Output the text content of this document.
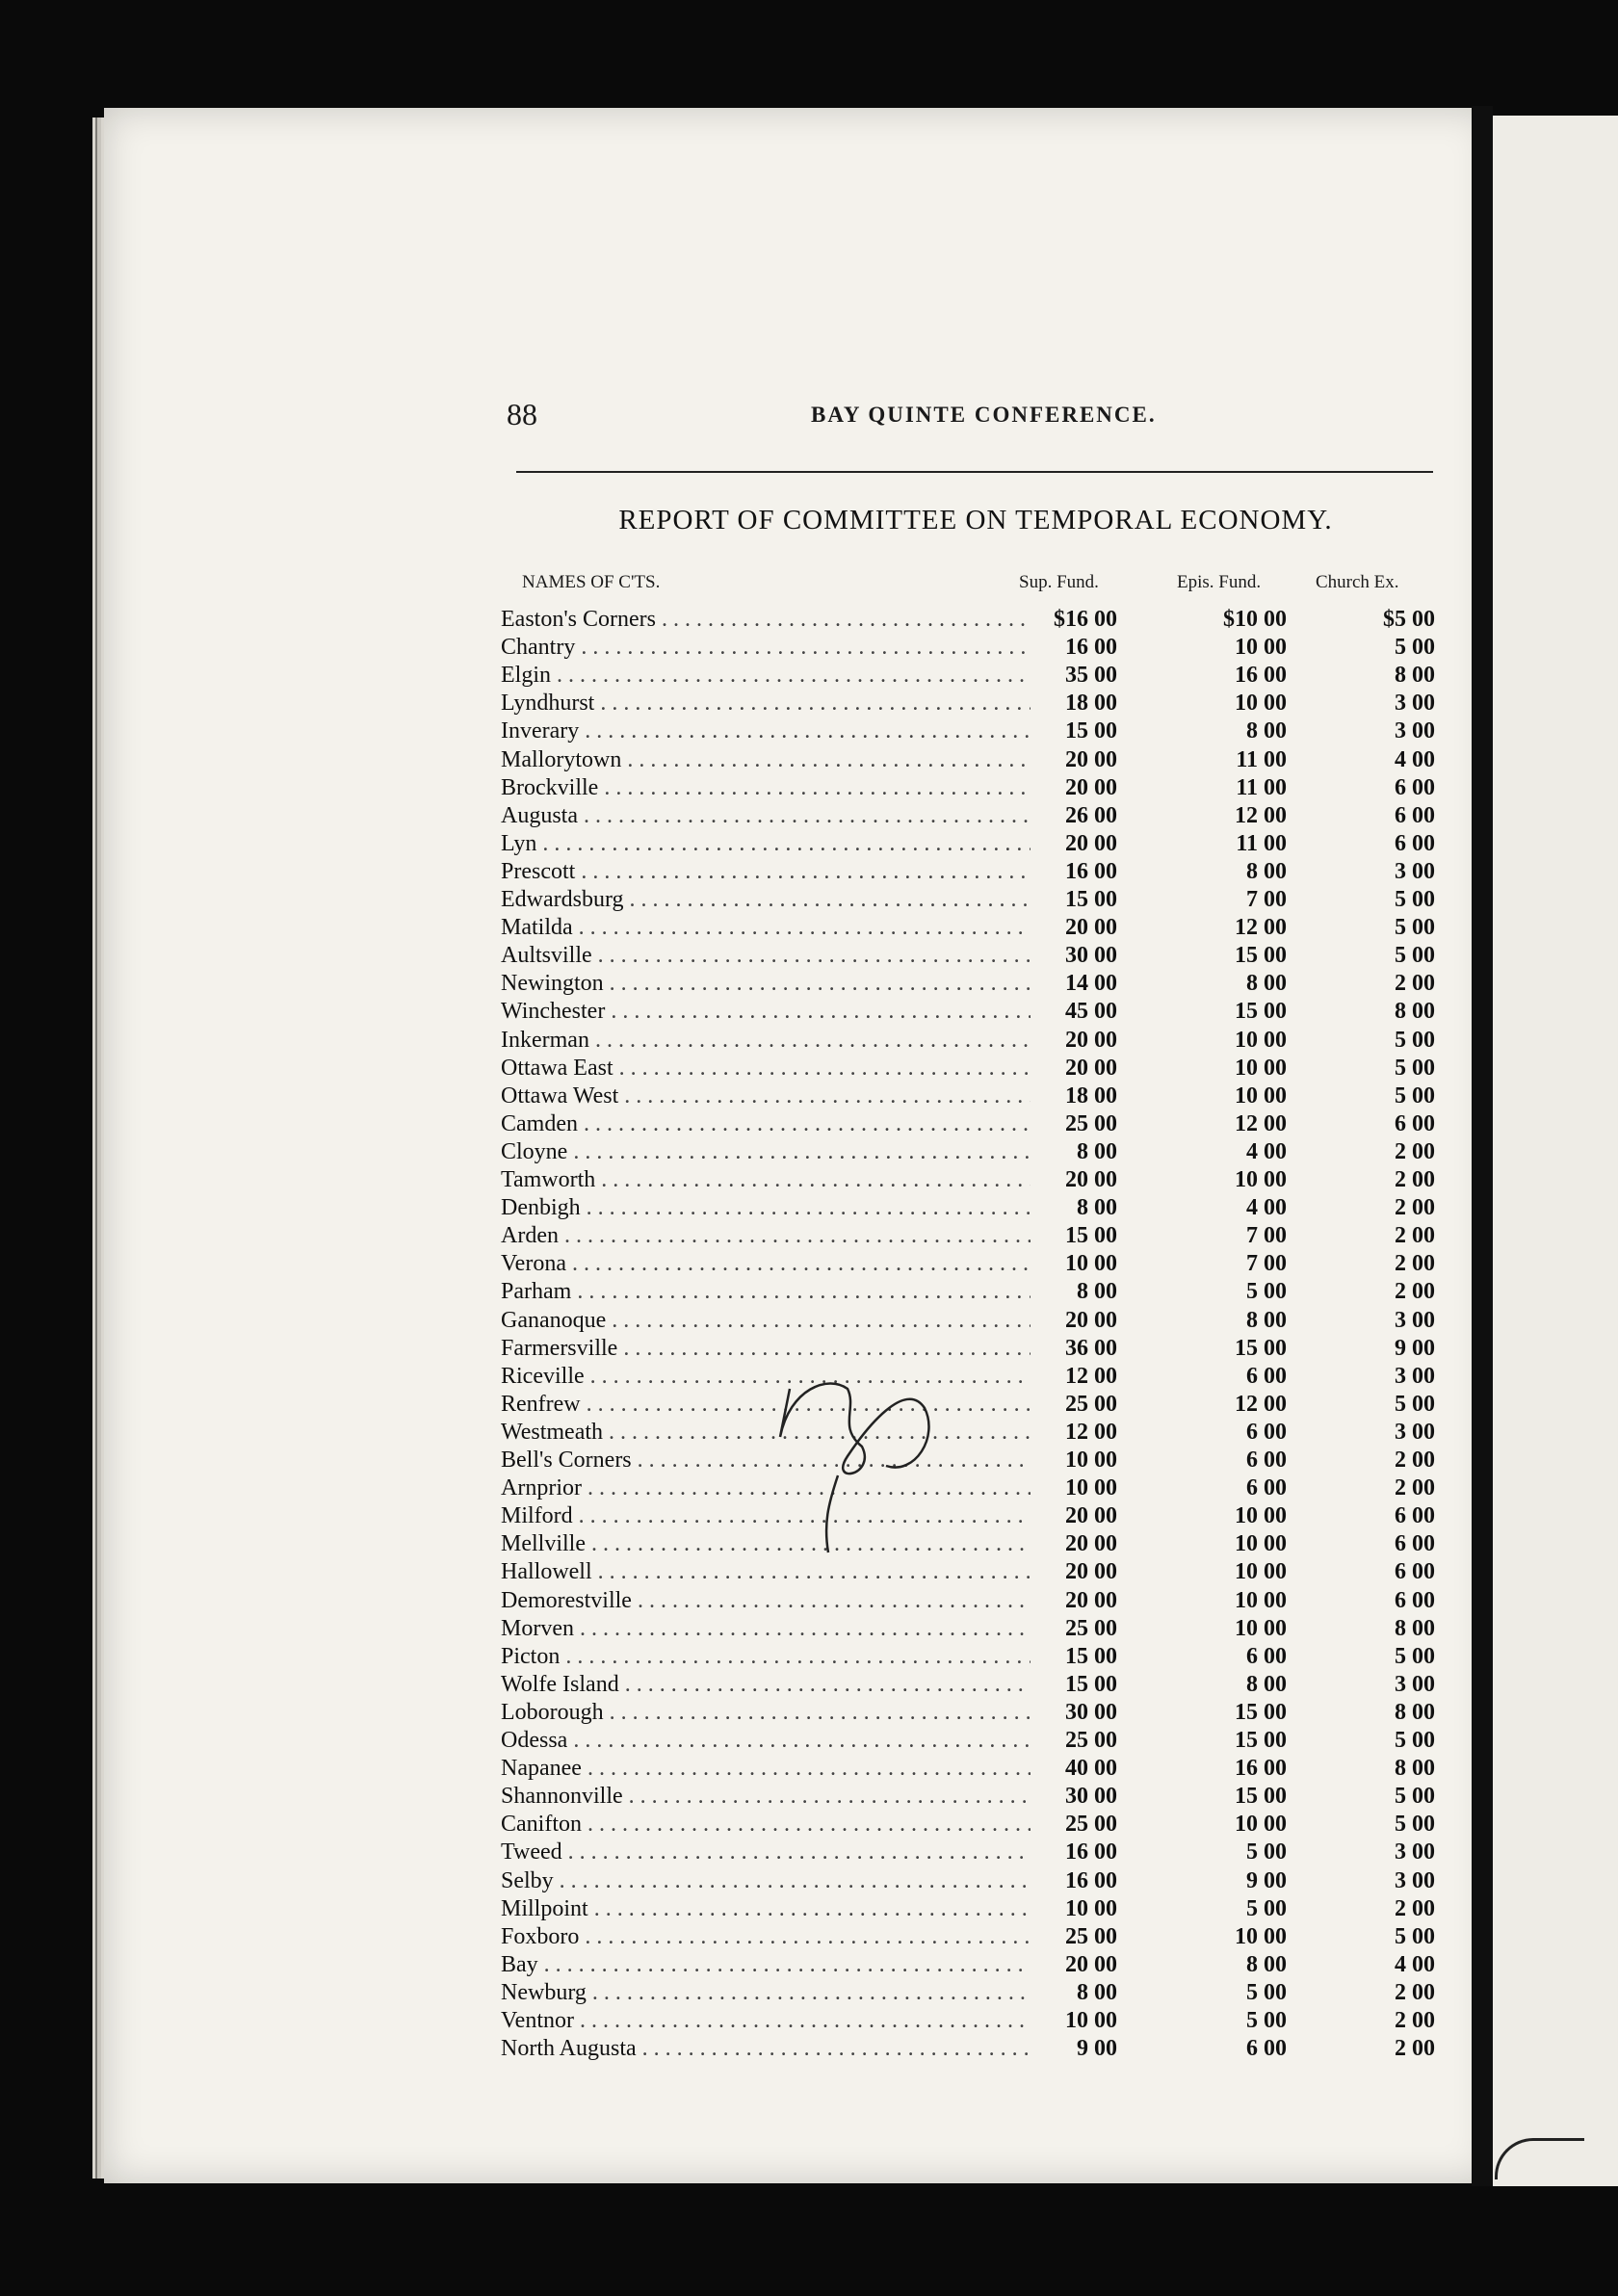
88	BAY QUINTE CONFERENCE.
REPORT OF COMMITTEE ON TEMPORAL ECONOMY.
NAMES OF C'TS.	Sup. Fund.	Epis. Fund.	Church Ex.
Easton's Corners . . .	$16 00	$10 00	$5 00
Chantry . . .	16 00	10 00	5 00
Elgin . . .	35 00	16 00	8 00
Lyndhurst . . .	18 00	10 00	3 00
Inverary . . .	15 00	8 00	3 00
Mallorytown . . .	20 00	11 00	4 00
Brockville . . .	20 00	11 00	6 00
Augusta . . .	26 00	12 00	6 00
Lyn . . .	20 00	11 00	6 00
Prescott . . .	16 00	8 00	3 00
Edwardsburg . . .	15 00	7 00	5 00
Matilda . . .	20 00	12 00	5 00
Aultsville . . .	30 00	15 00	5 00
Newington . . .	14 00	8 00	2 00
Winchester . . .	45 00	15 00	8 00
Inkerman . . .	20 00	10 00	5 00
Ottawa East . . .	20 00	10 00	5 00
Ottawa West . . .	18 00	10 00	5 00
Camden . . .	25 00	12 00	6 00
Cloyne . . .	8 00	4 00	2 00
Tamworth . . .	20 00	10 00	2 00
Denbigh . . .	8 00	4 00	2 00
Arden . . .	15 00	7 00	2 00
Verona . . .	10 00	7 00	2 00
Parham . . .	8 00	5 00	2 00
Gananoque . . .	20 00	8 00	3 00
Farmersville . . .	36 00	15 00	9 00
Riceville . . .	12 00	6 00	3 00
Renfrew . . .	25 00	12 00	5 00
Westmeath . . .	12 00	6 00	3 00
Bell's Corners . . .	10 00	6 00	2 00
Arnprior . . .	10 00	6 00	2 00
Milford . . .	20 00	10 00	6 00
Mellville . . .	20 00	10 00	6 00
Hallowell . . .	20 00	10 00	6 00
Demorestville . . .	20 00	10 00	6 00
Morven . . .	25 00	10 00	8 00
Picton . . .	15 00	6 00	5 00
Wolfe Island . . .	15 00	8 00	3 00
Loborough . . .	30 00	15 00	8 00
Odessa . . .	25 00	15 00	5 00
Napanee . . .	40 00	16 00	8 00
Shannonville . . .	30 00	15 00	5 00
Canifton . . .	25 00	10 00	5 00
Tweed . . .	16 00	5 00	3 00
Selby . . .	16 00	9 00	3 00
Millpoint . . .	10 00	5 00	2 00
Foxboro . . .	25 00	10 00	5 00
Bay . . .	20 00	8 00	4 00
Newburg . . .	8 00	5 00	2 00
Ventnor . . .	10 00	5 00	2 00
North Augusta . . .	9 00	6 00	2 00
